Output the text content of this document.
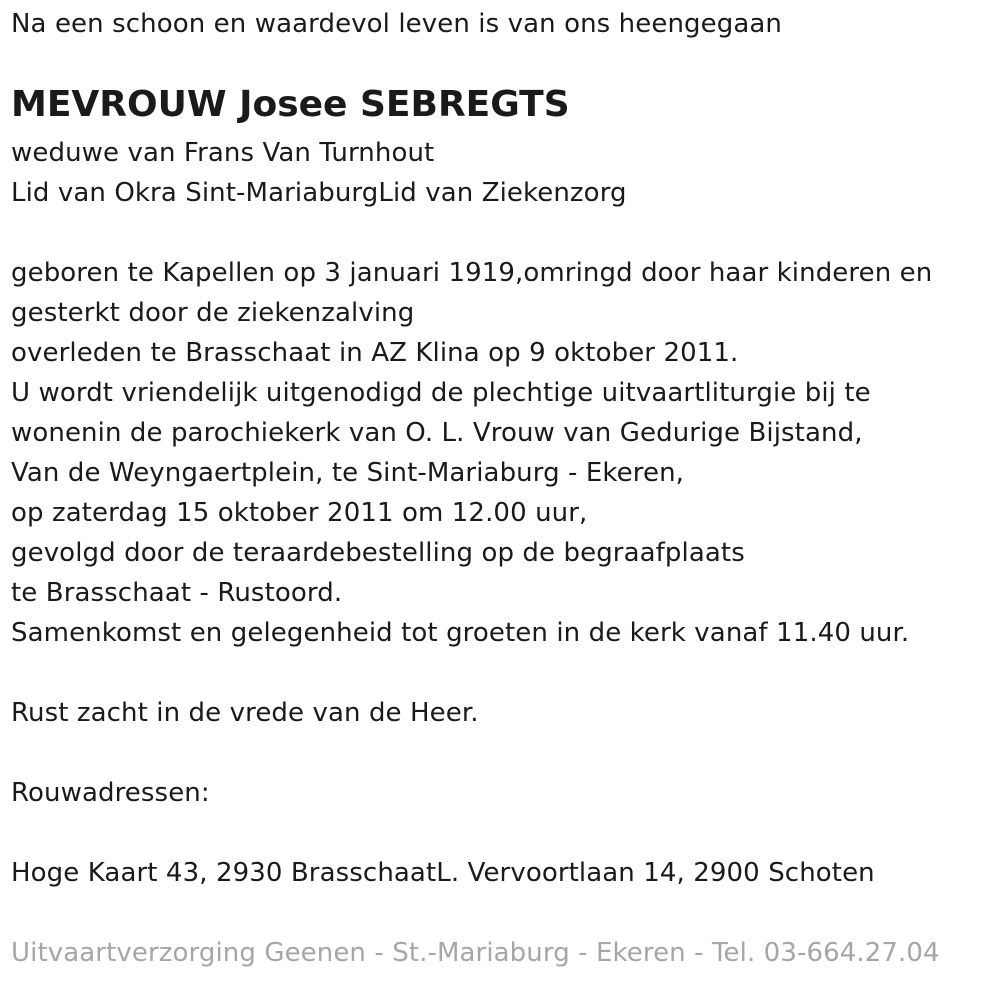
Na een schoon en waardevol leven is van ons heengegaan
MEVROUW Josee SEBREGTS
weduwe van Frans Van Turnhout
Lid van Okra Sint-MariaburgLid van Ziekenzorg
geboren te Kapellen op 3 januari 1919,omringd door haar kinderen en
gesterkt door de ziekenzalving
overleden te Brasschaat in AZ Klina op 9 oktober 2011.
U wordt vriendelijk uitgenodigd de plechtige uitvaartliturgie bij te
wonenin de parochiekerk van O. L. Vrouw van Gedurige Bijstand,
Van de Weyngaertplein, te Sint-Mariaburg - Ekeren,
op zaterdag 15 oktober 2011 om 12.00 uur,
gevolgd door de teraardebestelling op de begraafplaats
te Brasschaat - Rustoord.
Samenkomst en gelegenheid tot groeten in de kerk vanaf 11.40 uur.
Rust zacht in de vrede van de Heer.
Rouwadressen:
Hoge Kaart 43, 2930 BrasschaatL. Vervoortlaan 14, 2900 Schoten
Uitvaartverzorging Geenen - St.-Mariaburg - Ekeren - Tel. 03-664.27.04
